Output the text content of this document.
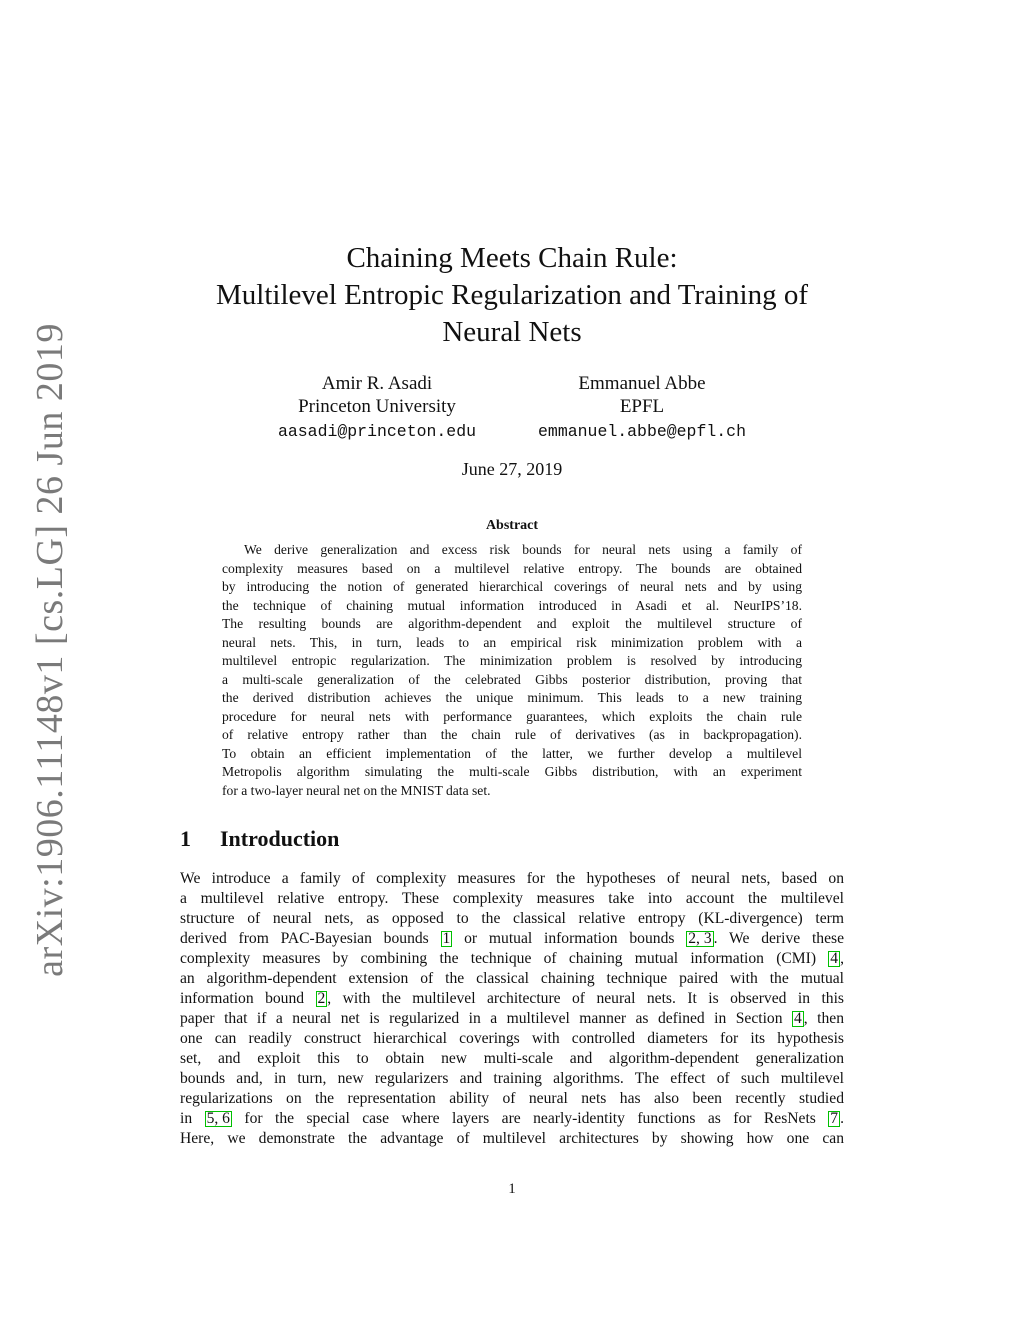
arXiv:1906.11148v1 [cs.LG] 26 Jun 2019
Chaining Meets Chain Rule:
Multilevel Entropic Regularization and Training of
Neural Nets
Amir R. Asadi
Princeton University
aasadi@princeton.edu
Emmanuel Abbe
EPFL
emmanuel.abbe@epfl.ch
June 27, 2019
Abstract
We derive generalization and excess risk bounds for neural nets using a family of
complexity measures based on a multilevel relative entropy. The bounds are obtained
by introducing the notion of generated hierarchical coverings of neural nets and by using
the technique of chaining mutual information introduced in Asadi et al. NeurIPS’18.
The resulting bounds are algorithm-dependent and exploit the multilevel structure of
neural nets. This, in turn, leads to an empirical risk minimization problem with a
multilevel entropic regularization. The minimization problem is resolved by introducing
a multi-scale generalization of the celebrated Gibbs posterior distribution, proving that
the derived distribution achieves the unique minimum. This leads to a new training
procedure for neural nets with performance guarantees, which exploits the chain rule
of relative entropy rather than the chain rule of derivatives (as in backpropagation).
To obtain an efficient implementation of the latter, we further develop a multilevel
Metropolis algorithm simulating the multi-scale Gibbs distribution, with an experiment
for a two-layer neural net on the MNIST data set.
1 Introduction
We introduce a family of complexity measures for the hypotheses of neural nets, based on
a multilevel relative entropy. These complexity measures take into account the multilevel
structure of neural nets, as opposed to the classical relative entropy (KL-divergence) term
derived from PAC-Bayesian bounds 1 or mutual information bounds 2, 3 . We derive these
complexity measures by combining the technique of chaining mutual information (CMI) 4 ,
an algorithm-dependent extension of the classical chaining technique paired with the mutual
information bound 2 , with the multilevel architecture of neural nets. It is observed in this
paper that if a neural net is regularized in a multilevel manner as defined in Section 4 , then
one can readily construct hierarchical coverings with controlled diameters for its hypothesis
set, and exploit this to obtain new multi-scale and algorithm-dependent generalization
bounds and, in turn, new regularizers and training algorithms. The effect of such multilevel
regularizations on the representation ability of neural nets has also been recently studied
in 5, 6 for the special case where layers are nearly-identity functions as for ResNets 7 .
Here, we demonstrate the advantage of multilevel architectures by showing how one can
1
